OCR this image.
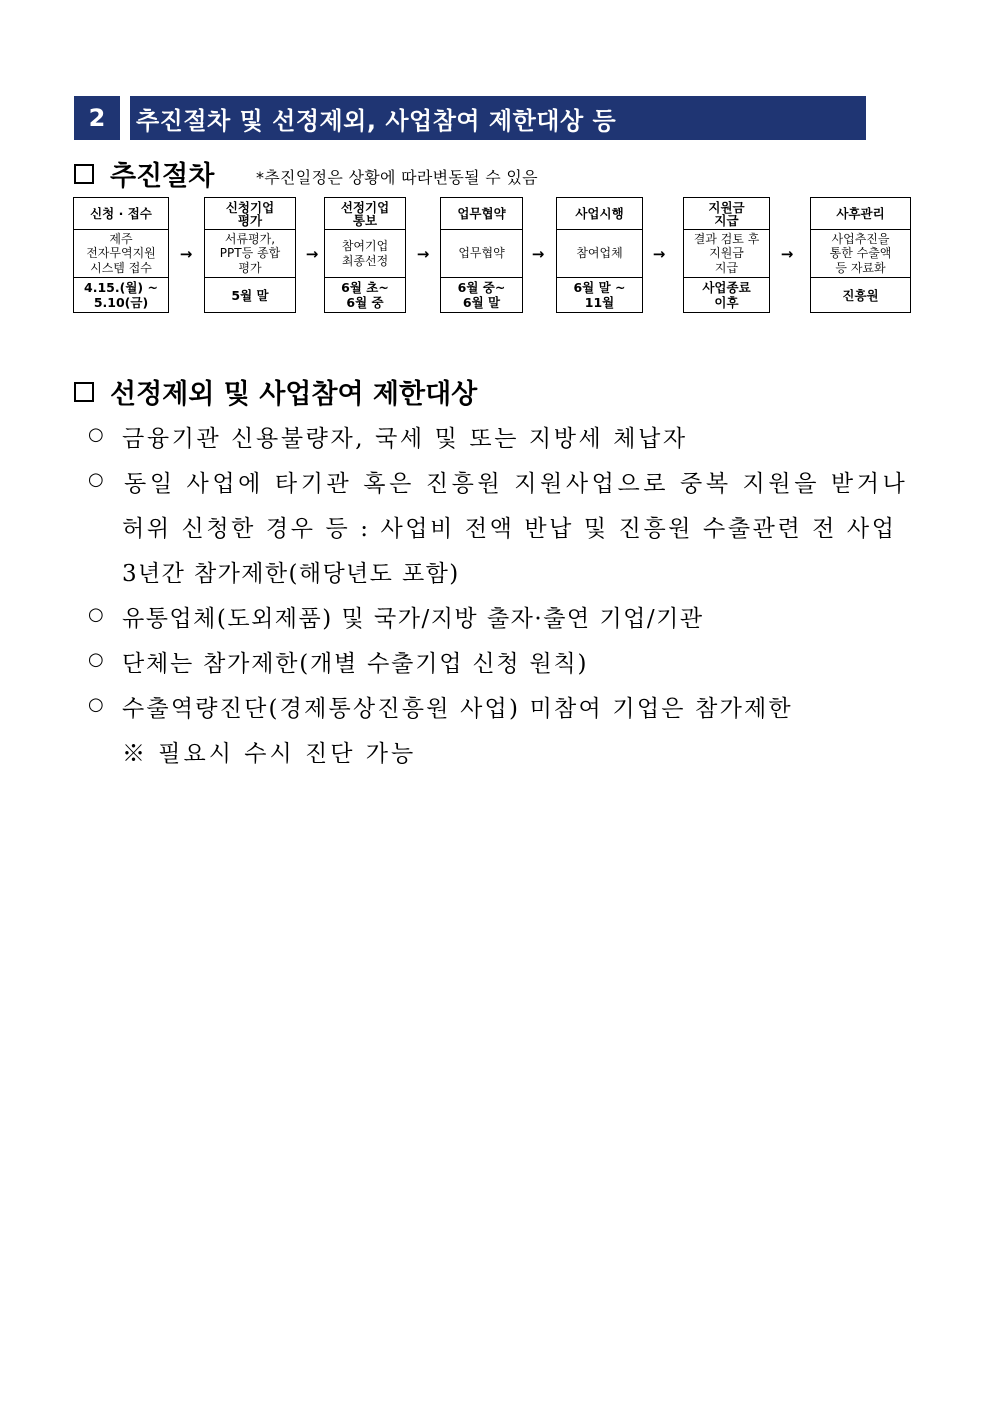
2	추진절차 및 선정제외, 사업참여 제한대상 등
추진절차	*추진일정은 상황에 따라변동될 수 있음
신청 · 접수
제주
전자무역지원
시스템 접수
4.15.(월) ~
5.10(금)
→
신청기업
평가
서류평가,
PPT등 종합
평가
5월 말
→
선정기업
통보
참여기업
최종선정
6월 초~
6월 중
→
업무협약
업무협약
6월 중~
6월 말
→
사업시행
참여업체
6월 말 ~
11월
→
지원금
지급
결과 검토 후
지원금
지급
사업종료
이후
→
사후관리
사업추진을
통한 수출액
등 자료화
진흥원
선정제외 및 사업참여 제한대상
○ 금융기관 신용불량자, 국세 및 또는 지방세 체납자
○ 동일 사업에 타기관 혹은 진흥원 지원사업으로 중복 지원을 받거나
허위 신청한 경우 등 : 사업비 전액 반납 및 진흥원 수출관련 전 사업
3년간 참가제한(해당년도 포함)
○ 유통업체(도외제품) 및 국가/지방 출자·출연 기업/기관
○ 단체는 참가제한(개별 수출기업 신청 원칙)
○ 수출역량진단(경제통상진흥원 사업) 미참여 기업은 참가제한
※ 필요시 수시 진단 가능
